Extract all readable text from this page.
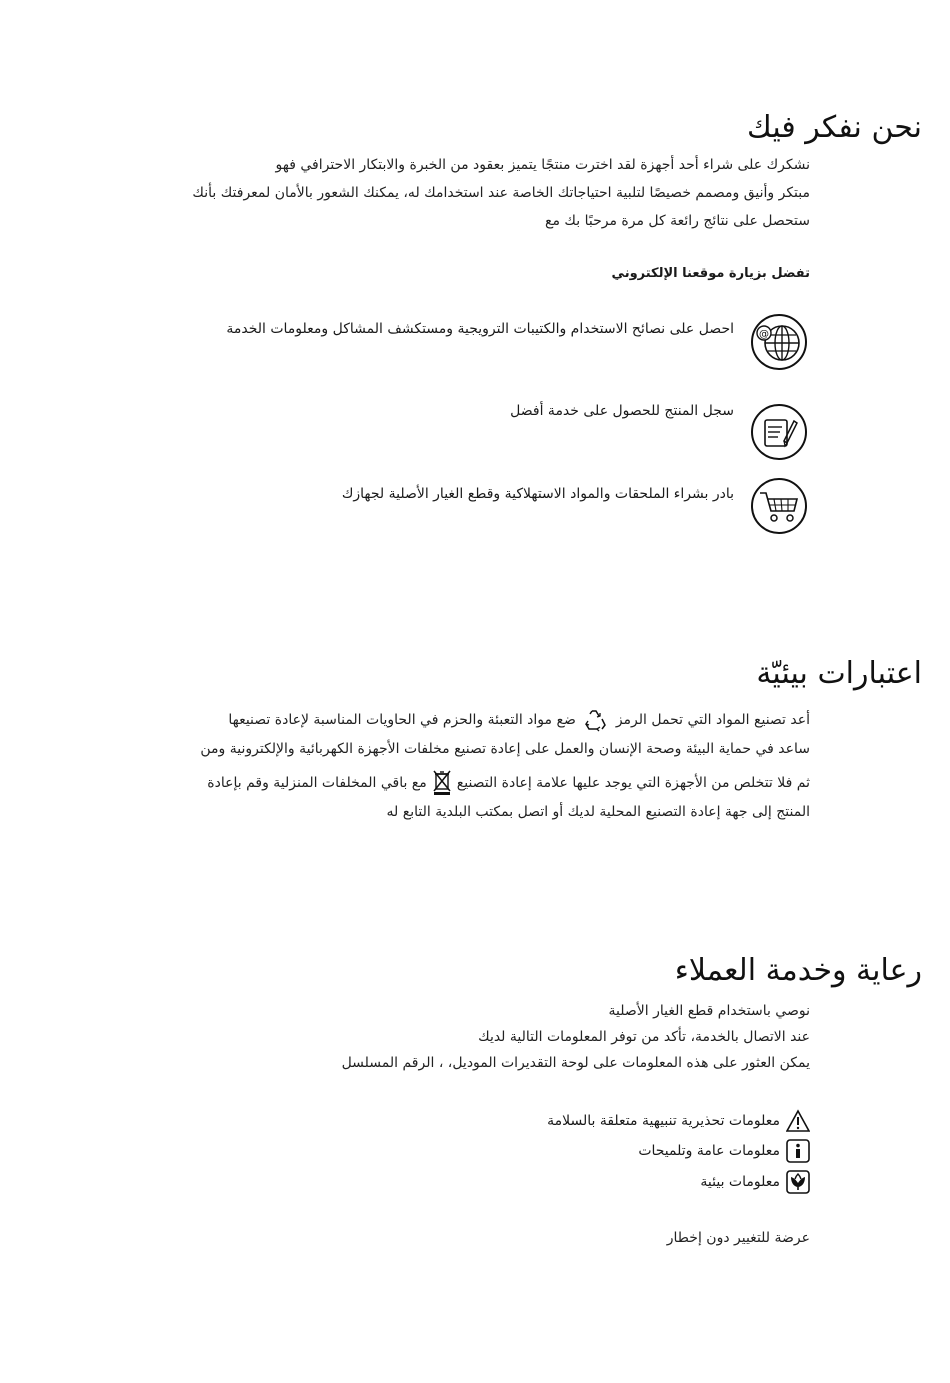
نحن نفكر فيك
نشكرك على شراء أحد أجهزة لقد اخترت منتجًا يتميز بعقود من الخبرة والابتكار الاحترافي فهو
مبتكر وأنيق ومصمم خصيصًا لتلبية احتياجاتك الخاصة عند استخدامك له، يمكنك الشعور بالأمان لمعرفتك بأنك
ستحصل على نتائج رائعة كل مرة مرحبًا بك مع
تفضل بزيارة موقعنا الإلكتروني
@
احصل على نصائح الاستخدام والكتيبات الترويجية ومستكشف المشاكل ومعلومات الخدمة
سجل المنتج للحصول على خدمة أفضل
بادر بشراء الملحقات والمواد الاستهلاكية وقطع الغيار الأصلية لجهازك
اعتبارات بيئيّة
أعد تصنيع المواد التي تحمل الرمز
ضع مواد التعبئة والحزم في الحاويات المناسبة لإعادة تصنيعها
ساعد في حماية البيئة وصحة الإنسان والعمل على إعادة تصنيع مخلفات الأجهزة الكهربائية والإلكترونية ومن
ثم فلا تتخلص من الأجهزة التي يوجد عليها علامة إعادة التصنيع
مع باقي المخلفات المنزلية وقم بإعادة
المنتج إلى جهة إعادة التصنيع المحلية لديك أو اتصل بمكتب البلدية التابع له
رعاية وخدمة العملاء
نوصي باستخدام قطع الغيار الأصلية
عند الاتصال بالخدمة، تأكد من توفر المعلومات التالية لديك
يمكن العثور على هذه المعلومات على لوحة التقديرات الموديل، ، الرقم المسلسل
معلومات تحذيرية تنبيهية متعلقة بالسلامة
معلومات عامة وتلميحات
معلومات بيئية
عرضة للتغيير دون إخطار
